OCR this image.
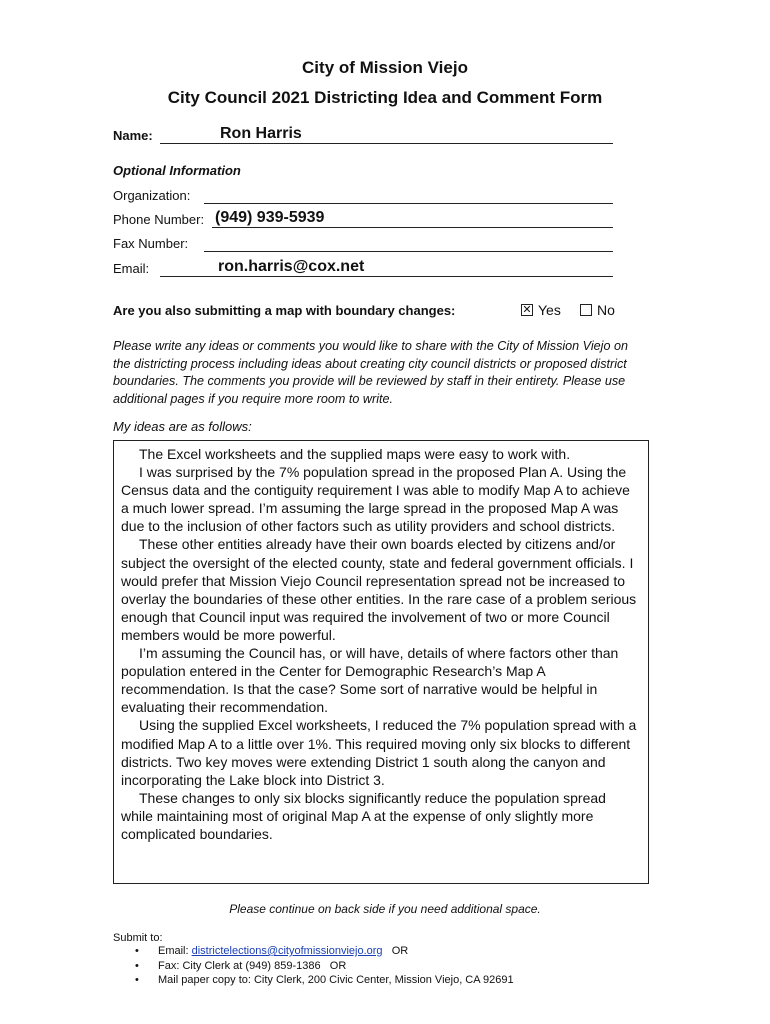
City of Mission Viejo
City Council 2021 Districting Idea and Comment Form
Name:	Ron Harris
Optional Information
Organization:
Phone Number: (949) 939-5939
Fax Number:
Email:	ron.harris@cox.net
Are you also submitting a map with boundary changes:	✕ Yes	No
Please write any ideas or comments you would like to share with the City of Mission Viejo on the districting process including ideas about creating city council districts or proposed district boundaries. The comments you provide will be reviewed by staff in their entirety. Please use additional pages if you require more room to write.
My ideas are as follows:

The Excel worksheets and the supplied maps were easy to work with.

I was surprised by the 7% population spread in the proposed Plan A. Using the Census data and the contiguity requirement I was able to modify Map A to achieve a much lower spread. I’m assuming the large spread in the proposed Map A was due to the inclusion of other factors such as utility providers and school districts.

These other entities already have their own boards elected by citizens and/or subject the oversight of the elected county, state and federal government officials. I would prefer that Mission Viejo Council representation spread not be increased to overlay the boundaries of these other entities. In the rare case of a problem serious enough that Council input was required the involvement of two or more Council members would be more powerful.

I’m assuming the Council has, or will have, details of where factors other than population entered in the Center for Demographic Research’s Map A recommendation. Is that the case? Some sort of narrative would be helpful in evaluating their recommendation.

Using the supplied Excel worksheets, I reduced the 7% population spread with a modified Map A to a little over 1%. This required moving only six blocks to different districts. Two key moves were extending District 1 south along the canyon and incorporating the Lake block into District 3.

These changes to only six blocks significantly reduce the population spread while maintaining most of original Map A at the expense of only slightly more complicated boundaries.

Please continue on back side if you need additional space.
Submit to:
• Email: districtelections@cityofmissionviejo.org   OR
• Fax: City Clerk at (949) 859-1386   OR
• Mail paper copy to: City Clerk, 200 Civic Center, Mission Viejo, CA 92691
